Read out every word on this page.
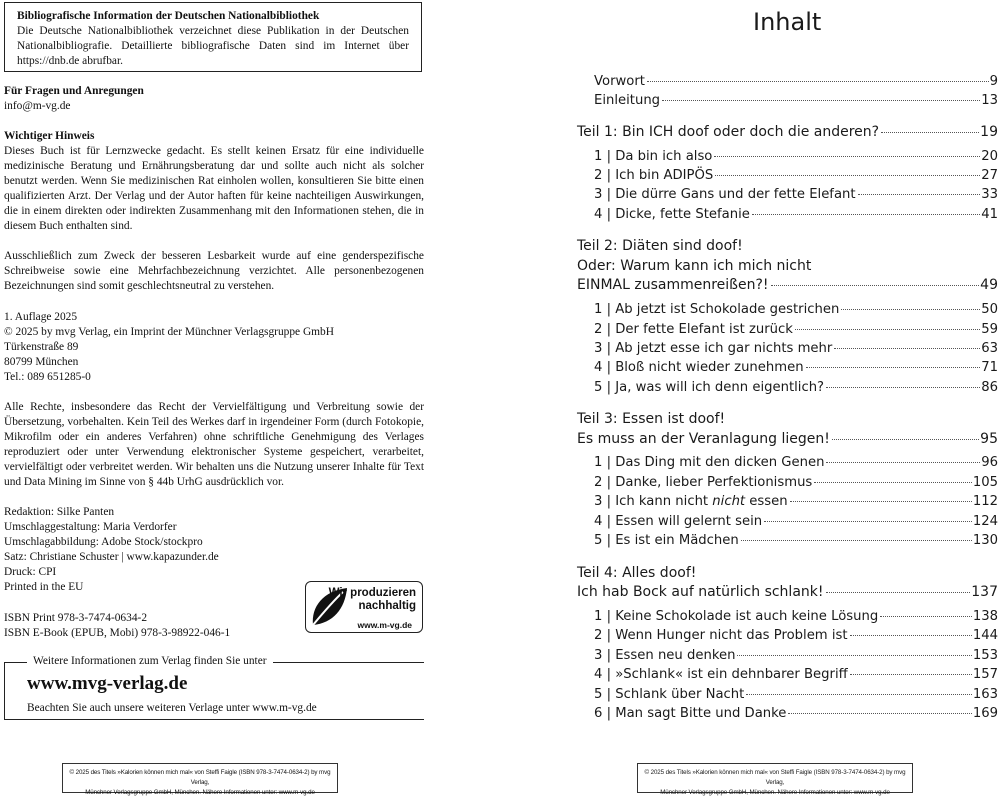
Bibliografische Information der Deutschen Nationalbibliothek
Die Deutsche Nationalbibliothek verzeichnet diese Publikation in der Deutschen Nationalbibliografie. Detaillierte bibliografische Daten sind im Internet über https://dnb.de abrufbar.
Für Fragen und Anregungen
info@m-vg.de
Wichtiger Hinweis
Dieses Buch ist für Lernzwecke gedacht. Es stellt keinen Ersatz für eine individuelle medizinische Beratung und Ernährungsberatung dar und sollte auch nicht als solcher benutzt werden. Wenn Sie medizinischen Rat einholen wollen, konsultieren Sie bitte einen qualifizierten Arzt. Der Verlag und der Autor haften für keine nachteiligen Auswirkungen, die in einem direkten oder indirekten Zusammenhang mit den Informationen stehen, die in diesem Buch enthalten sind.
Ausschließlich zum Zweck der besseren Lesbarkeit wurde auf eine genderspezifische Schreibweise sowie eine Mehrfachbezeichnung verzichtet. Alle personenbezogenen Bezeichnungen sind somit geschlechtsneutral zu verstehen.
1. Auflage 2025
© 2025 by mvg Verlag, ein Imprint der Münchner Verlagsgruppe GmbH
Türkenstraße 89
80799 München
Tel.: 089 651285-0
Alle Rechte, insbesondere das Recht der Vervielfältigung und Verbreitung sowie der Übersetzung, vorbehalten. Kein Teil des Werkes darf in irgendeiner Form (durch Fotokopie, Mikrofilm oder ein anderes Verfahren) ohne schriftliche Genehmigung des Verlages reproduziert oder unter Verwendung elektronischer Systeme gespeichert, verarbeitet, vervielfältigt oder verbreitet werden. Wir behalten uns die Nutzung unserer Inhalte für Text und Data Mining im Sinne von § 44b UrhG ausdrücklich vor.
Redaktion: Silke Panten
Umschlaggestaltung: Maria Verdorfer
Umschlagabbildung: Adobe Stock/stockpro
Satz: Christiane Schuster | www.kapazunder.de
Druck: CPI
Printed in the EU
ISBN Print 978-3-7474-0634-2
ISBN E-Book (EPUB, Mobi) 978-3-98922-046-1
Wir produzieren
nachhaltig
www.m-vg.de
Weitere Informationen zum Verlag finden Sie unter
www.mvg-verlag.de
Beachten Sie auch unsere weiteren Verlage unter www.m-vg.de
© 2025 des Titels »Kalorien können mich mal« von Steffi Faigle (ISBN 978-3-7474-0634-2) by mvg Verlag,
Münchner Verlagsgruppe GmbH, München. Nähere Informationen unter: www.m-vg.de
Inhalt
Vorwort	9
Einleitung	13
Teil 1: Bin ICH doof oder doch die anderen?	19
1 | Da bin ich also	20
2 | Ich bin ADIPÖS	27
3 | Die dürre Gans und der fette Elefant	33
4 | Dicke, fette Stefanie	41
Teil 2: Diäten sind doof!
Oder: Warum kann ich mich nicht
EINMAL zusammenreißen?!	49
1 | Ab jetzt ist Schokolade gestrichen	50
2 | Der fette Elefant ist zurück	59
3 | Ab jetzt esse ich gar nichts mehr	63
4 | Bloß nicht wieder zunehmen	71
5 | Ja, was will ich denn eigentlich?	86
Teil 3: Essen ist doof!
Es muss an der Veranlagung liegen!	95
1 | Das Ding mit den dicken Genen	96
2 | Danke, lieber Perfektionismus	105
3 | Ich kann nicht nicht essen	112
4 | Essen will gelernt sein	124
5 | Es ist ein Mädchen	130
Teil 4: Alles doof!
Ich hab Bock auf natürlich schlank!	137
1 | Keine Schokolade ist auch keine Lösung	138
2 | Wenn Hunger nicht das Problem ist	144
3 | Essen neu denken	153
4 | »Schlank« ist ein dehnbarer Begriff	157
5 | Schlank über Nacht	163
6 | Man sagt Bitte und Danke	169
© 2025 des Titels »Kalorien können mich mal« von Steffi Faigle (ISBN 978-3-7474-0634-2) by mvg Verlag,
Münchner Verlagsgruppe GmbH, München. Nähere Informationen unter: www.m-vg.de
